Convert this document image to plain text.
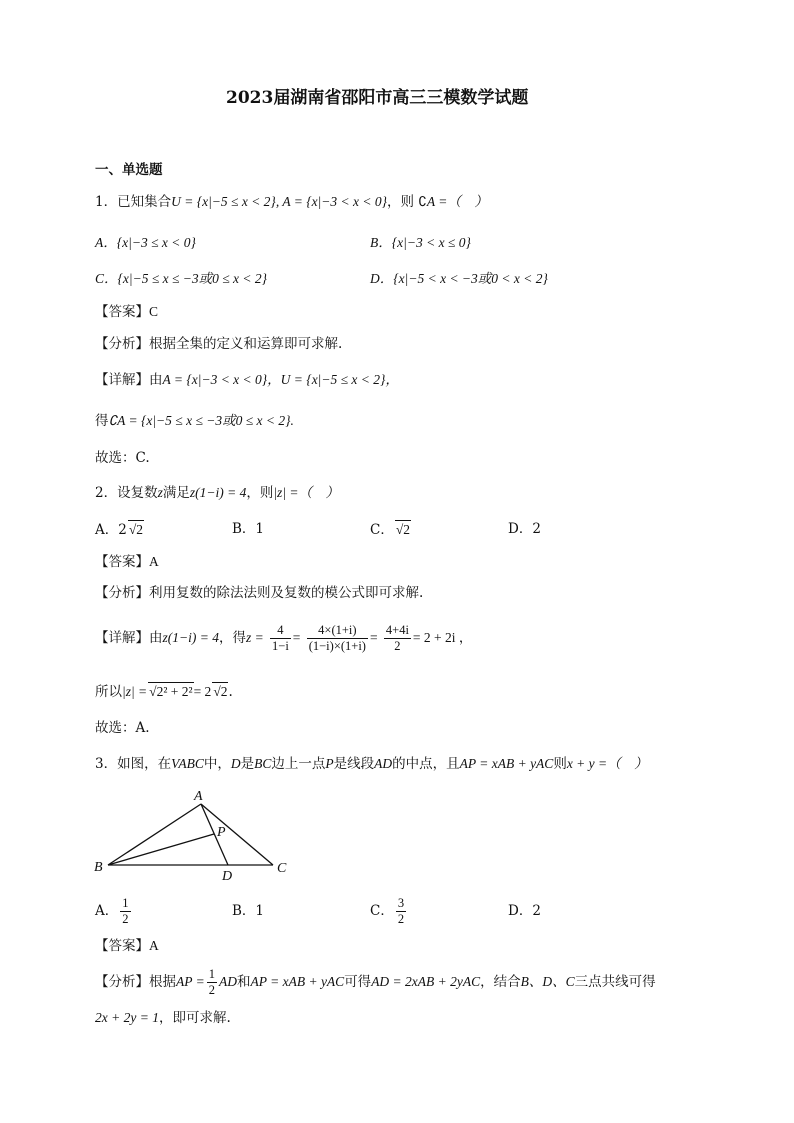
2023届湖南省邵阳市高三三模数学试题
一、单选题
1．已知集合U = {x|−5 ≤ x < 2}, A = {x|−3 < x < 0}，则 ∁A =（　）
A．{x|−3 ≤ x < 0}	B．{x|−3 < x ≤ 0}
C．{x|−5 ≤ x ≤ −3或0 ≤ x < 2}	D．{x|−5 < x < −3或0 < x < 2}
【答案】C
【分析】根据全集的定义和运算即可求解.
【详解】由A = {x|−3 < x < 0}，U = {x|−5 ≤ x < 2}，
得∁A = {x|−5 ≤ x ≤ −3或0 ≤ x < 2}.
故选：C.
2．设复数z满足z(1−i) = 4，则|z| =（　）
A．2 √2	B．1	C． √2	D．2
【答案】A
【分析】利用复数的除法法则及复数的模公式即可求解.
【详解】由z(1−i) = 4，得$z = \frac{4}{1-i} = \frac{4\times(1+i)}{(1-i)\times(1+i)} = \frac{4+4i}{2} = 2 + 2i$ ，
所以|z| = √2² + 2²= 2 √2.
故选：A.
3．如图，在VABC中，D是BC边上一点P是线段AD的中点，且AP = xAB + yAC则x + y =（　）
A
B	C
D
P
A． $\frac{1}{2}$	B．1	C． $\frac{3}{2}$	D．2
【答案】A
【分析】根据AP = $\frac{1}{2}$ AD和AP = xAB + yAC可得AD = 2xAB + 2yAC，结合B、D、C三点共线可得
2x + 2y = 1，即可求解.
